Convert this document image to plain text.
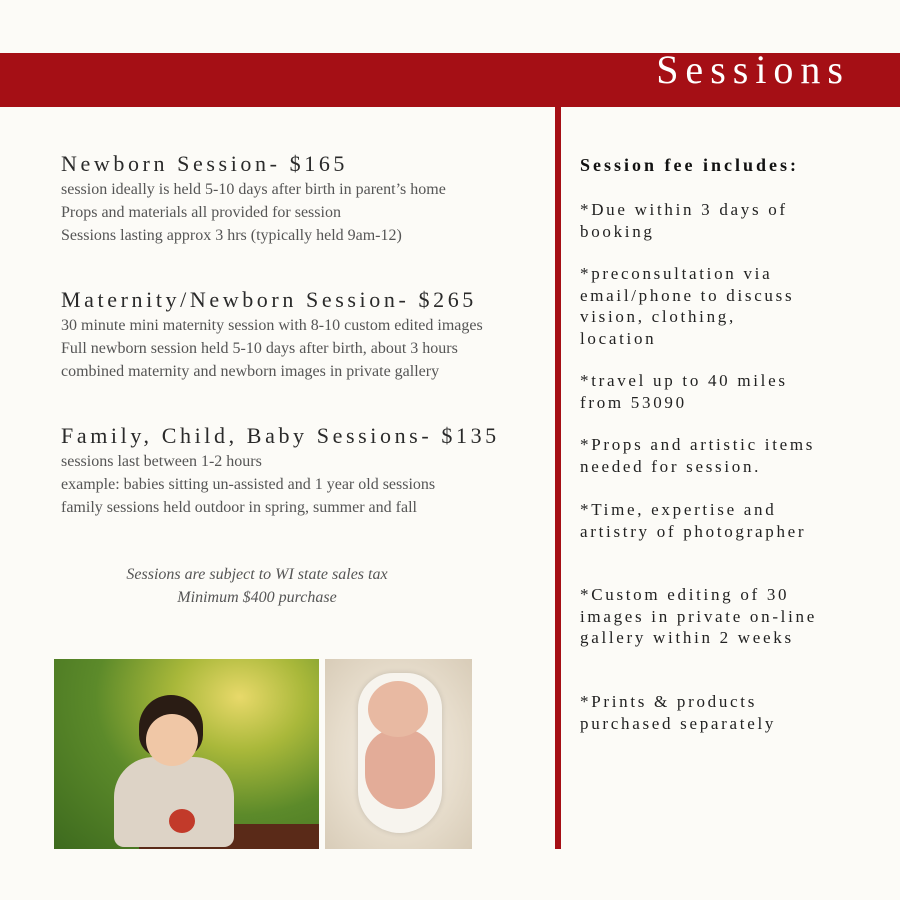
Sessions
Newborn Session- $165
session ideally is held 5-10 days after birth in parent’s home
Props and materials all provided for session
Sessions lasting approx 3 hrs (typically held 9am-12)
Maternity/Newborn Session- $265
30 minute mini maternity session with 8-10 custom edited images
Full newborn session held 5-10 days after birth, about 3 hours
combined maternity and newborn images in private gallery
Family, Child, Baby Sessions- $135
sessions last between 1-2 hours
example: babies sitting un-assisted and 1 year old sessions
family sessions held outdoor in spring, summer and fall
Sessions are subject to WI state sales tax
Minimum $400 purchase
Session fee includes:
*Due within 3 days of
booking
*preconsultation via
email/phone to discuss
vision, clothing,
location
*travel up to 40 miles
from 53090
*Props and artistic items
needed for session.
*Time, expertise and
artistry of photographer
*Custom editing of 30
images in private on-line
gallery within 2 weeks
*Prints & products
purchased separately
